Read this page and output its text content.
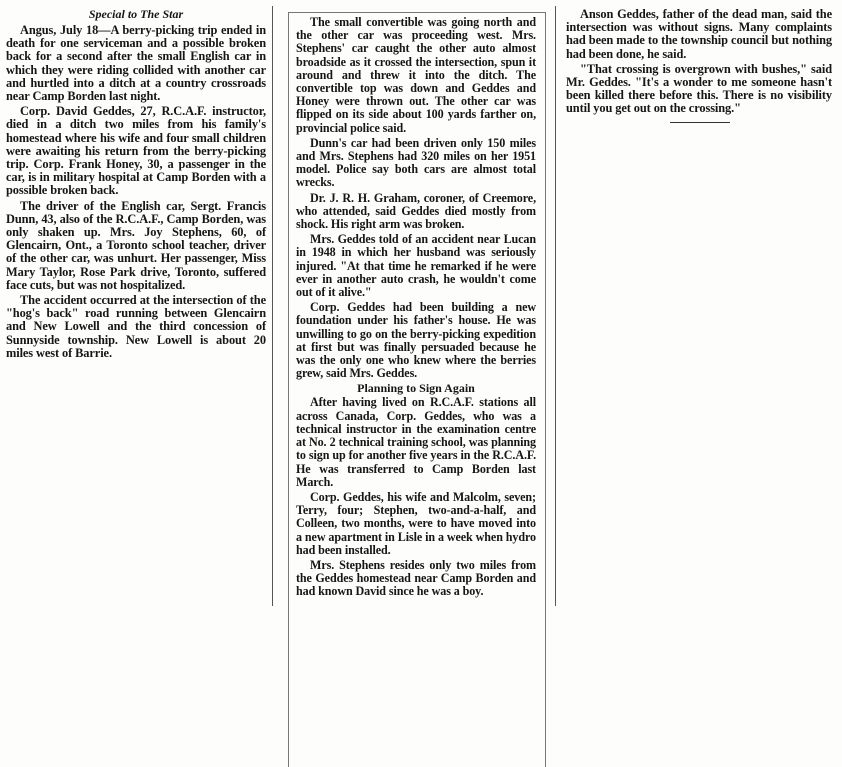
Special to The Star

Angus, July 18—A berry-picking trip ended in death for one serviceman and a possible broken back for a second after the small English car in which they were riding collided with another car and hurtled into a ditch at a country crossroads near Camp Borden last night.

Corp. David Geddes, 27, R.C.A.F. instructor, died in a ditch two miles from his family's homestead where his wife and four small children were awaiting his return from the berry-picking trip. Corp. Frank Honey, 30, a passenger in the car, is in military hospital at Camp Borden with a possible broken back.

The driver of the English car, Sergt. Francis Dunn, 43, also of the R.C.A.F., Camp Borden, was only shaken up. Mrs. Joy Stephens, 60, of Glencairn, Ont., a Toronto school teacher, driver of the other car, was unhurt. Her passenger, Miss Mary Taylor, Rose Park drive, Toronto, suffered face cuts, but was not hospitalized.

The accident occurred at the intersection of the "hog's back" road running between Glencairn and New Lowell and the third concession of Sunnyside township. New Lowell is about 20 miles west of Barrie.

The small convertible was going north and the other car was proceeding west. Mrs. Stephens' car caught the other auto almost broadside as it crossed the intersection, spun it around and threw it into the ditch. The convertible top was down and Geddes and Honey were thrown out. The other car was flipped on its side about 100 yards farther on, provincial police said.

Dunn's car had been driven only 150 miles and Mrs. Stephens had 320 miles on her 1951 model. Police say both cars are almost total wrecks.

Dr. J. R. H. Graham, coroner, of Creemore, who attended, said Geddes died mostly from shock. His right arm was broken.

Mrs. Geddes told of an accident near Lucan in 1948 in which her husband was seriously injured. "At that time he remarked if he were ever in another auto crash, he wouldn't come out of it alive."

Corp. Geddes had been building a new foundation under his father's house. He was unwilling to go on the berry-picking expedition at first but was finally persuaded because he was the only one who knew where the berries grew, said Mrs. Geddes.

Planning to Sign Again

After having lived on R.C.A.F. stations all across Canada, Corp. Geddes, who was a technical instructor in the examination centre at No. 2 technical training school, was planning to sign up for another five years in the R.C.A.F. He was transferred to Camp Borden last March.

Corp. Geddes, his wife and Malcolm, seven; Terry, four; Stephen, two-and-a-half, and Colleen, two months, were to have moved into a new apartment in Lisle in a week when hydro had been installed.

Mrs. Stephens resides only two miles from the Geddes homestead near Camp Borden and had known David since he was a boy.

Anson Geddes, father of the dead man, said the intersection was without signs. Many complaints had been made to the township council but nothing had been done, he said.

"That crossing is overgrown with bushes," said Mr. Geddes. "It's a wonder to me someone hasn't been killed there before this. There is no visibility until you get out on the crossing."
